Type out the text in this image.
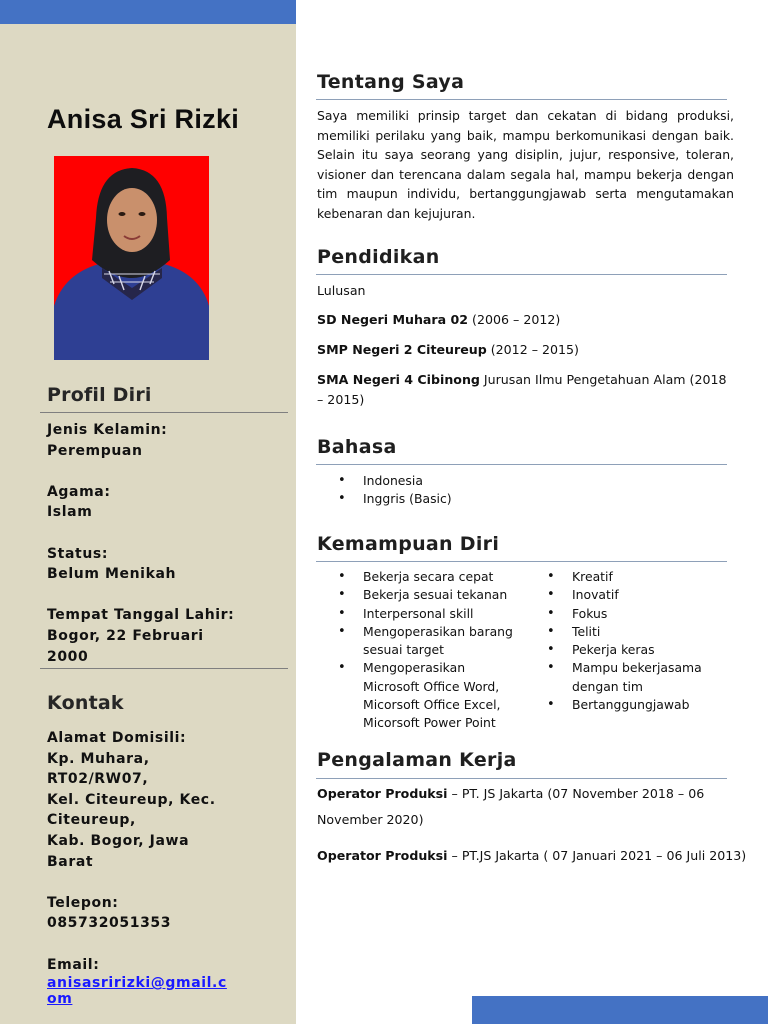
Anisa Sri Rizki
Profil Diri
Jenis Kelamin:
Perempuan

Agama:
Islam

Status:
Belum Menikah

Tempat Tanggal Lahir:
Bogor, 22 Februari
2000
Kontak
Alamat Domisili:
Kp. Muhara,
RT02/RW07,
Kel. Citeureup, Kec.
Citeureup,
Kab. Bogor, Jawa
Barat

Telepon:
085732051353

Email:
anisasririzki@gmail.com
Tentang Saya
Saya memiliki prinsip target dan cekatan di bidang produksi, memiliki perilaku yang baik, mampu berkomunikasi dengan baik. Selain itu saya seorang yang disiplin, jujur, responsive, toleran, visioner dan terencana dalam segala hal, mampu bekerja dengan tim maupun individu, bertanggungjawab serta mengutamakan kebenaran dan kejujuran.
Pendidikan
Lulusan
SD Negeri Muhara 02 (2006 – 2012)
SMP Negeri 2 Citeureup (2012 – 2015)
SMA Negeri 4 Cibinong Jurusan Ilmu Pengetahuan Alam (2018 – 2015)
Bahasa
• Indonesia
• Inggris (Basic)
Kemampuan Diri
• Bekerja secara cepat
• Bekerja sesuai tekanan
• Interpersonal skill
• Mengoperasikan barang sesuai target
• Mengoperasikan Microsoft Office Word, Micorsoft Office Excel, Micorsoft Power Point
• Kreatif
• Inovatif
• Fokus
• Teliti
• Pekerja keras
• Mampu bekerjasama dengan tim
• Bertanggungjawab
Pengalaman Kerja
Operator Produksi – PT. JS Jakarta (07 November 2018 – 06 November 2020)
Operator Produksi – PT.JS Jakarta ( 07 Januari 2021 – 06 Juli 2013)
